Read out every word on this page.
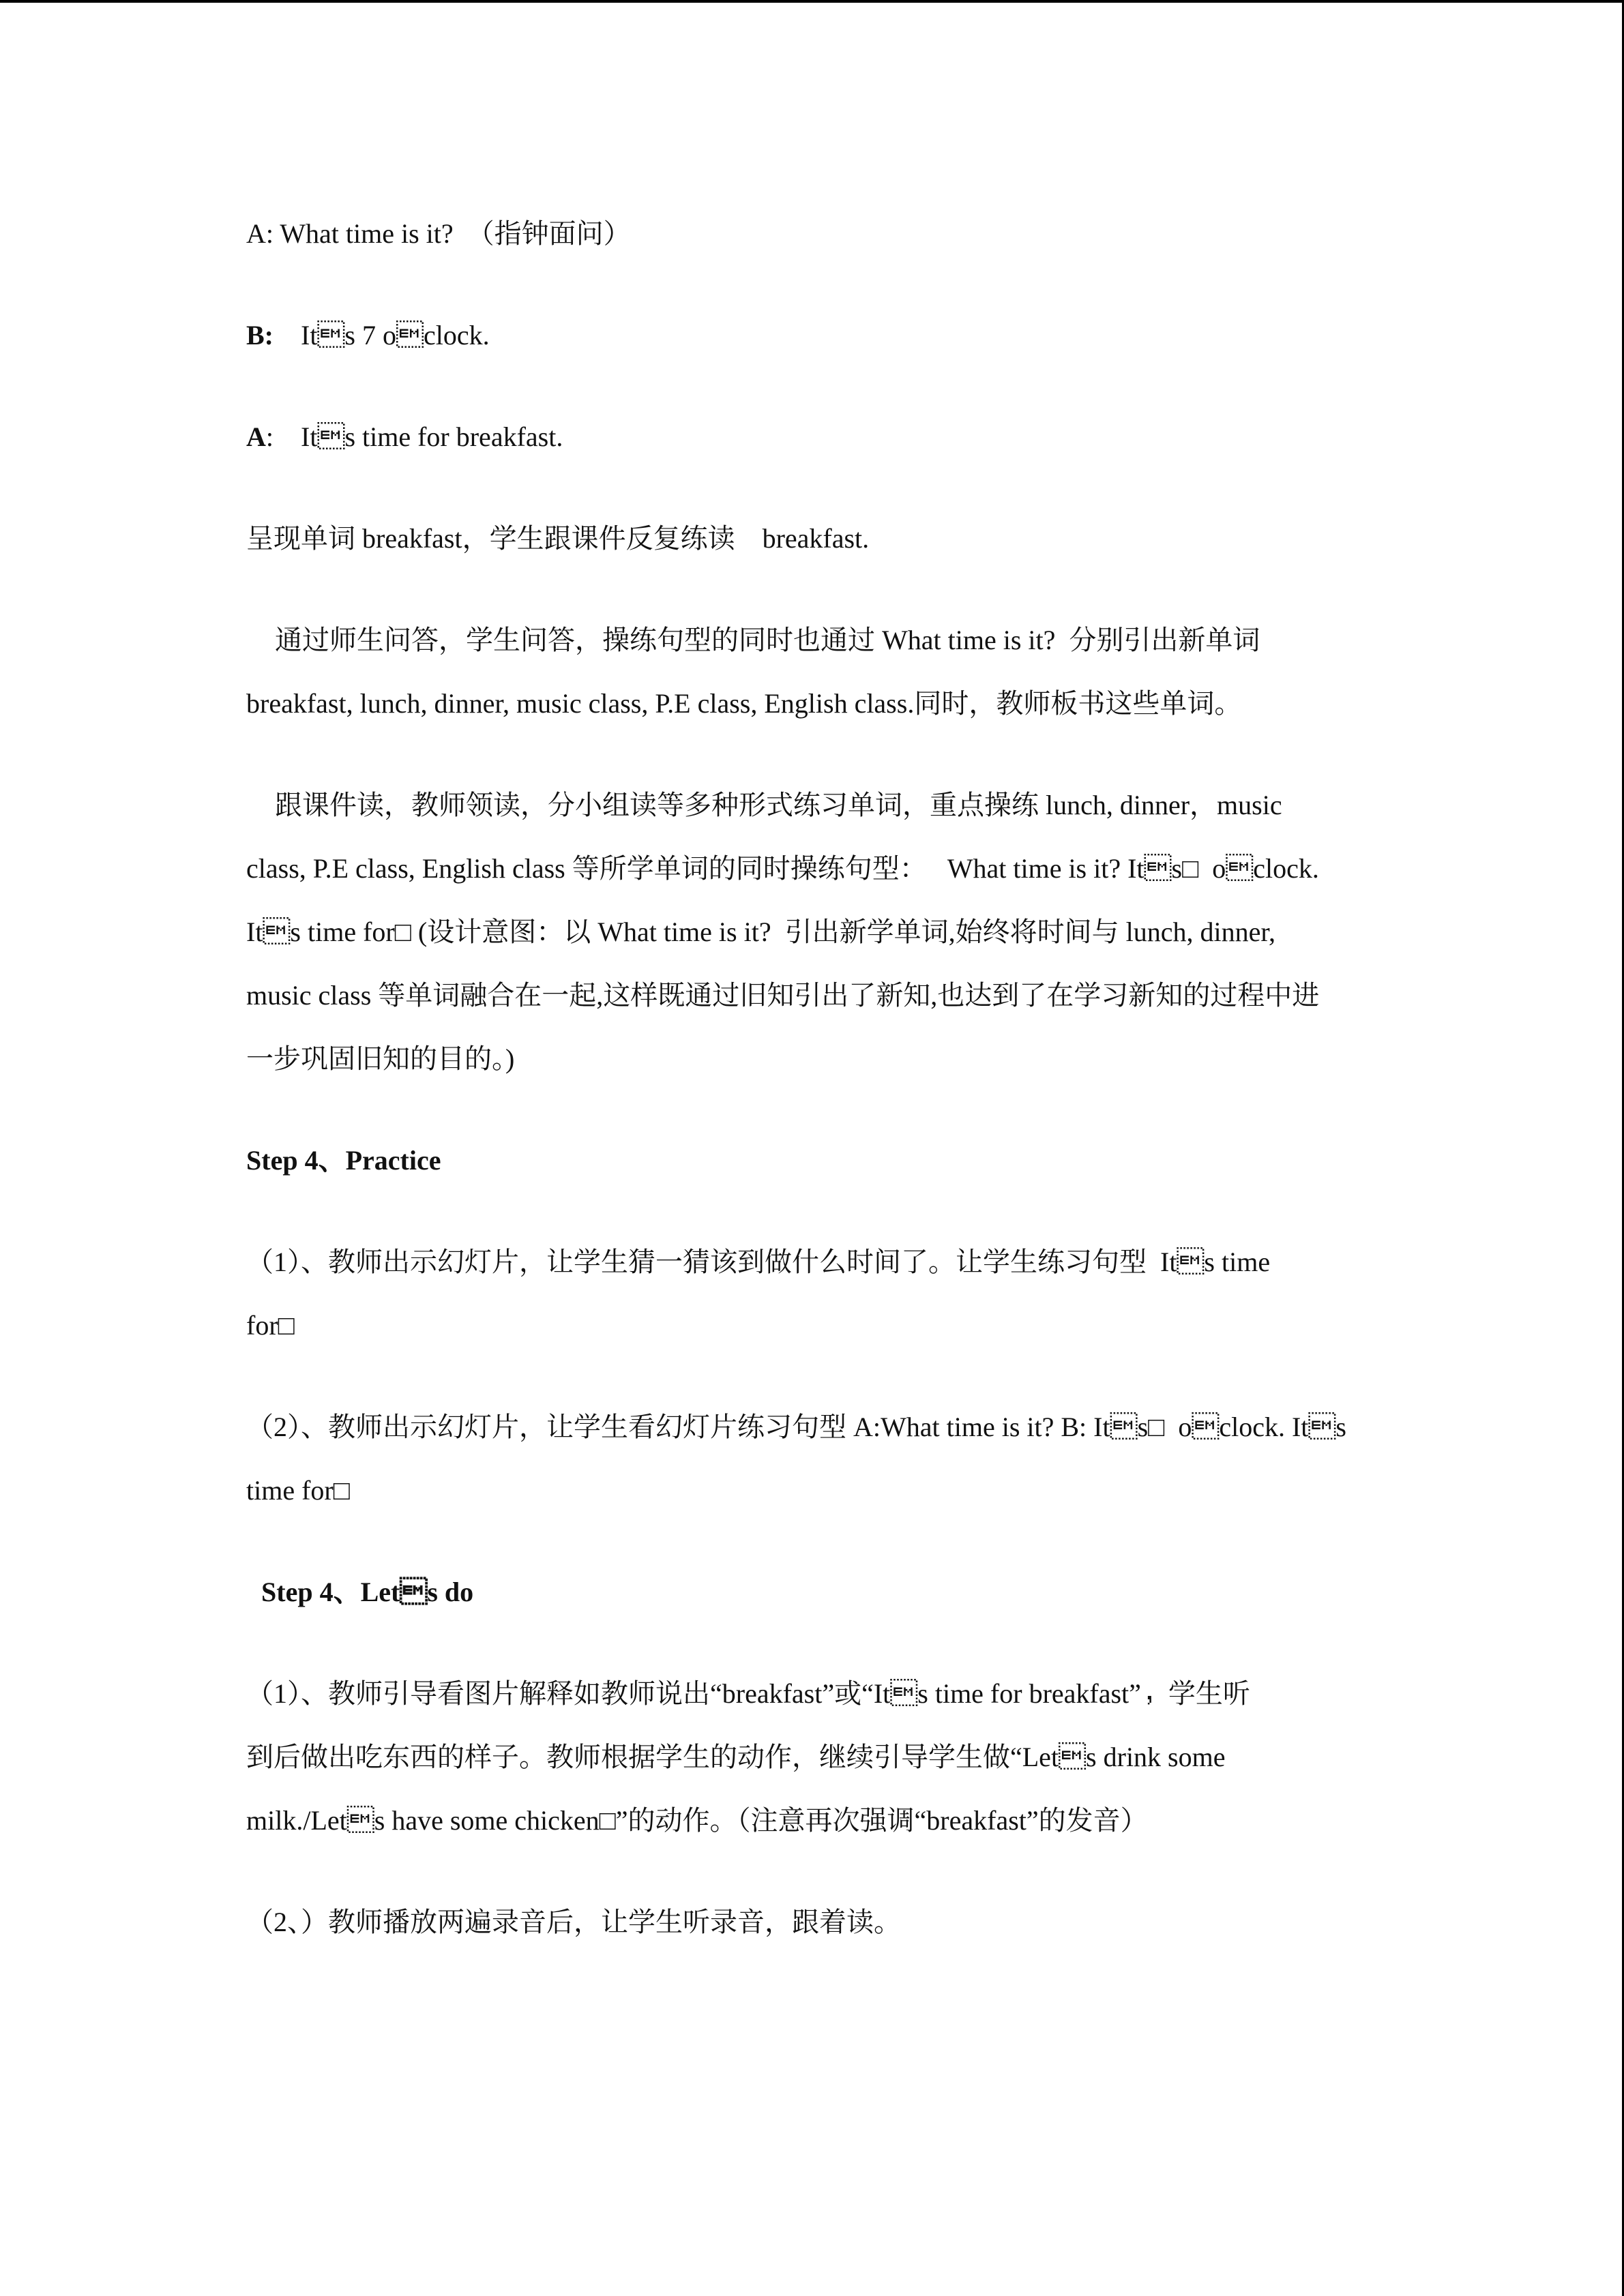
A: What time is it?  （指钟面问）

B:    Its 7 oclock.

A:    Its time for breakfast.

呈现单词 breakfast，学生跟课件反复练读    breakfast.

通过师生问答，学生问答，操练句型的同时也通过 What time is it?  分别引出新单词

breakfast, lunch, dinner, music class, P.E class, English class.同时，教师板书这些单词。

跟课件读，教师领读，分小组读等多种形式练习单词，重点操练 lunch, dinner，music

class, P.E class, English class 等所学单词的同时操练句型：   What time is it? Its□  oclock.

Its time for□ (设计意图：以 What time is it?  引出新学单词,始终将时间与 lunch, dinner,

music class 等单词融合在一起,这样既通过旧知引出了新知,也达到了在学习新知的过程中进

一步巩固旧知的目的。)

Step 4、Practice

（1）、教师出示幻灯片，让学生猜一猜该到做什么时间了。让学生练习句型  Its time

for□

（2）、教师出示幻灯片，让学生看幻灯片练习句型 A:What time is it? B: Its□  oclock. Its

time for□

Step 4、Lets do

（1）、教师引导看图片解释如教师说出“breakfast”或“Its time for breakfast”，学生听

到后做出吃东西的样子。教师根据学生的动作，继续引导学生做“Lets drink some

milk./Lets have some chicken□”的动作。（注意再次强调“breakfast”的发音）

（2、）教师播放两遍录音后，让学生听录音，跟着读。
